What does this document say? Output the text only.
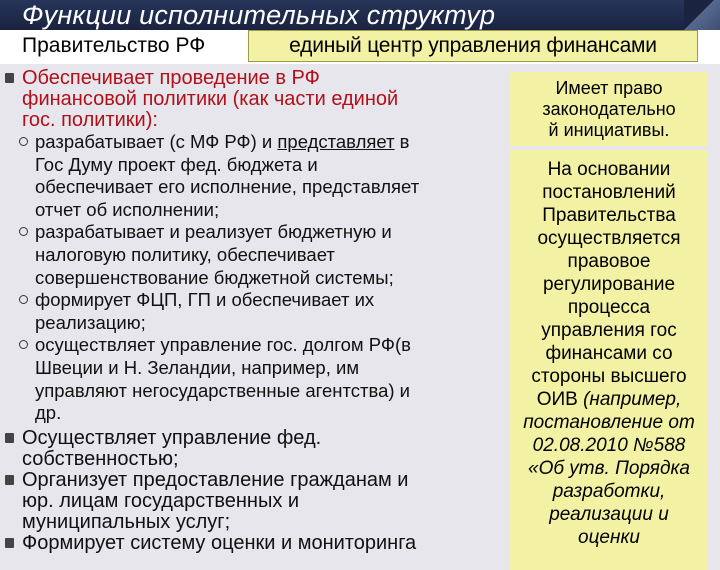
Функции исполнительных структур
Правительство РФ	единый центр управления финансами
Обеспечивает проведение в РФ
финансовой политики (как части единой
гос. политики):
разрабатывает (с МФ РФ) и представляет в
Гос Думу проект фед. бюджета и
обеспечивает его исполнение, представляет
отчет об исполнении;
разрабатывает и реализует бюджетную и
налоговую политику, обеспечивает
совершенствование бюджетной системы;
формирует ФЦП, ГП и обеспечивает их
реализацию;
осуществляет управление гос. долгом РФ(в
Швеции и Н. Зеландии, например, им
управляют негосударственные агентства) и
др.
Осуществляет управление фед.
собственностью;
Организует предоставление гражданам и
юр. лицам государственных и
муниципальных услуг;
Формирует систему оценки и мониторинга
Имеет право
законодательно
й инициативы.
На основании
постановлений
Правительства
осуществляется
правовое
регулирование
процесса
управления гос
финансами со
стороны высшего
ОИВ (например,
постановление от
02.08.2010 №588
«Об утв. Порядка
разработки,
реализации и
оценки
